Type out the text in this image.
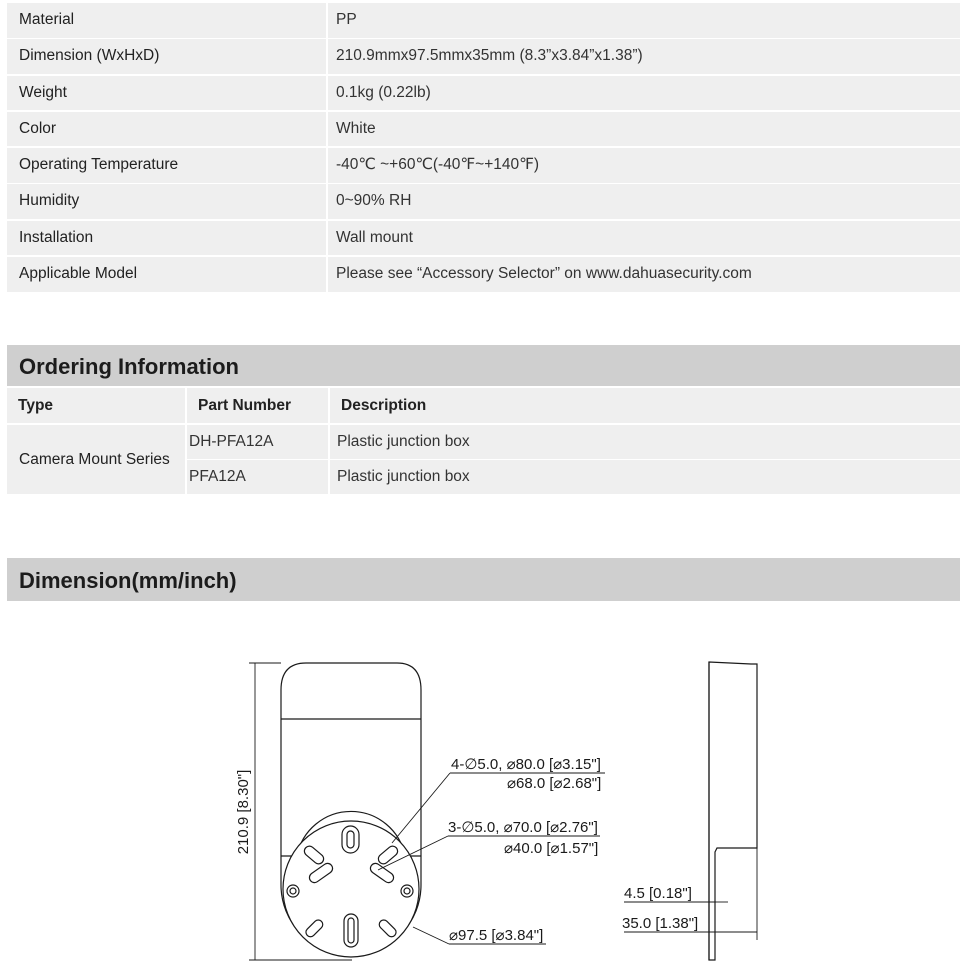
Material	PP
Dimension (WxHxD)	210.9mmx97.5mmx35mm (8.3”x3.84”x1.38”)
Weight	0.1kg (0.22lb)
Color	White
Operating Temperature	-40℃ ~+60℃(-40℉~+140℉)
Humidity	0~90% RH
Installation	Wall mount
Applicable Model	Please see “Accessory Selector” on www.dahuasecurity.com
Ordering Information
Type	Part Number	Description
Camera Mount Series
DH-PFA12A	Plastic junction box
PFA12A	Plastic junction box
Dimension(mm/inch)
210.9 [8.30"]
4-∅5.0, ⌀80.0 [⌀3.15"]
⌀68.0 [⌀2.68"]
3-∅5.0, ⌀70.0 [⌀2.76"]
⌀40.0 [⌀1.57"]
⌀97.5 [⌀3.84"]
4.5 [0.18"]
35.0 [1.38"]
